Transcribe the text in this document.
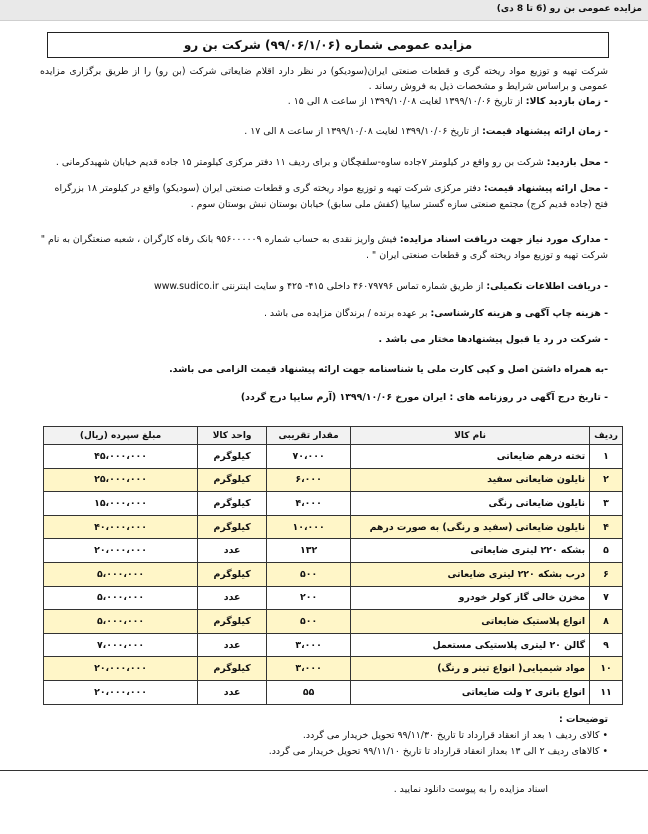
مزایده عمومی بن رو (6 تا 8 دی)
مزایده عمومی شماره (۹۹/۰۶/۱/۰۶) شرکت بن رو
شرکت تهیه و توزیع مواد ریخته گری و قطعات صنعتی ایران(سودیکو) در نظر دارد اقلام ضایعاتی شرکت (بن رو) را از طریق برگزاری مزایده عمومی و براساس شرایط و مشخصات ذیل به فروش رساند .
- زمان بازدید کالا: از تاریخ ۱۳۹۹/۱۰/۰۶ لغایت ۱۳۹۹/۱۰/۰۸ از ساعت ۸ الی ۱۵ .
- زمان ارائه پیشنهاد قیمت: از تاریخ ۱۳۹۹/۱۰/۰۶ لغایت ۱۳۹۹/۱۰/۰۸ از ساعت ۸ الی ۱۷ .
- محل بازدید: شرکت بن رو واقع در کیلومتر ۷جاده ساوه-سلفچگان و برای ردیف ۱۱ دفتر مرکزی کیلومتر ۱۵ جاده قدیم خیابان شهیدکرمانی .
- محل ارائه پیشنهاد قیمت: دفتر مرکزی شرکت تهیه و توزیع مواد ریخته گری و قطعات صنعتی ایران (سودیکو) واقع در کیلومتر ۱۸ بزرگراه فتح (جاده قدیم کرج) مجتمع صنعتی سازه گستر سایپا (کفش ملی سابق) خیابان بوستان نبش بوستان سوم .
- مدارک مورد نیاز جهت دریافت اسناد مزایده: فیش واریز نقدی به حساب شماره ۹۵۶۰۰۰۰۰۹ بانک رفاه کارگران ، شعبه صنعتگران به نام " شرکت تهیه و توزیع مواد ریخته گری و قطعات صنعتی ایران " .
- دریافت اطلاعات تکمیلی: از طریق شماره تماس ۴۶۰۷۹۷۹۶ داخلی ۴۱۵- ۴۲۵ و سایت اینترنتی www.sudico.ir
- هزینه چاپ آگهی و هزینه کارشناسی: بر عهده برنده / برندگان مزایده می باشد .
- شرکت در رد یا قبول پیشنهادها مختار می باشد .
-به همراه داشتن اصل و کپی کارت ملی یا شناسنامه جهت ارائه پیشنهاد قیمت الزامی می باشد.
- تاریخ درج آگهی در روزنامه های : ایران مورخ ۱۳۹۹/۱۰/۰۶ (آرم سایپا درج گردد)
ردیف	نام کالا	مقدار تقریبی	واحد کالا	مبلغ سپرده (ریال)
۱	تخته درهم ضایعاتی	۷۰،۰۰۰	کیلوگرم	۴۵،۰۰۰،۰۰۰
۲	نایلون ضایعاتی سفید	۶،۰۰۰	کیلوگرم	۲۵،۰۰۰،۰۰۰
۳	نایلون ضایعاتی رنگی	۴،۰۰۰	کیلوگرم	۱۵،۰۰۰،۰۰۰
۴	نایلون ضایعاتی (سفید و رنگی) به صورت درهم	۱۰،۰۰۰	کیلوگرم	۴۰،۰۰۰،۰۰۰
۵	بشکه ۲۲۰ لیتری ضایعاتی	۱۳۲	عدد	۲۰،۰۰۰،۰۰۰
۶	درب بشکه ۲۲۰ لیتری ضایعاتی	۵۰۰	کیلوگرم	۵،۰۰۰،۰۰۰
۷	مخزن خالی گاز کولر خودرو	۲۰۰	عدد	۵،۰۰۰،۰۰۰
۸	انواع پلاستیک ضایعاتی	۵۰۰	کیلوگرم	۵،۰۰۰،۰۰۰
۹	گالن ۲۰ لیتری پلاستیکی مستعمل	۳،۰۰۰	عدد	۷،۰۰۰،۰۰۰
۱۰	مواد شیمیایی( انواع تینر و رنگ)	۳،۰۰۰	کیلوگرم	۲۰،۰۰۰،۰۰۰
۱۱	انواع باتری ۲ ولت ضایعاتی	۵۵	عدد	۲۰،۰۰۰،۰۰۰
توضیحات :
• کالای ردیف ۱ بعد از انعقاد قرارداد تا تاریخ ۹۹/۱۱/۳۰ تحویل خریدار می گردد.
• کالاهای ردیف ۲ الی ۱۳ بعداز انعقاد قرارداد تا تاریخ ۹۹/۱۱/۱۰ تحویل خریدار می گردد.
اسناد مزایده را به پیوست دانلود نمایید .
